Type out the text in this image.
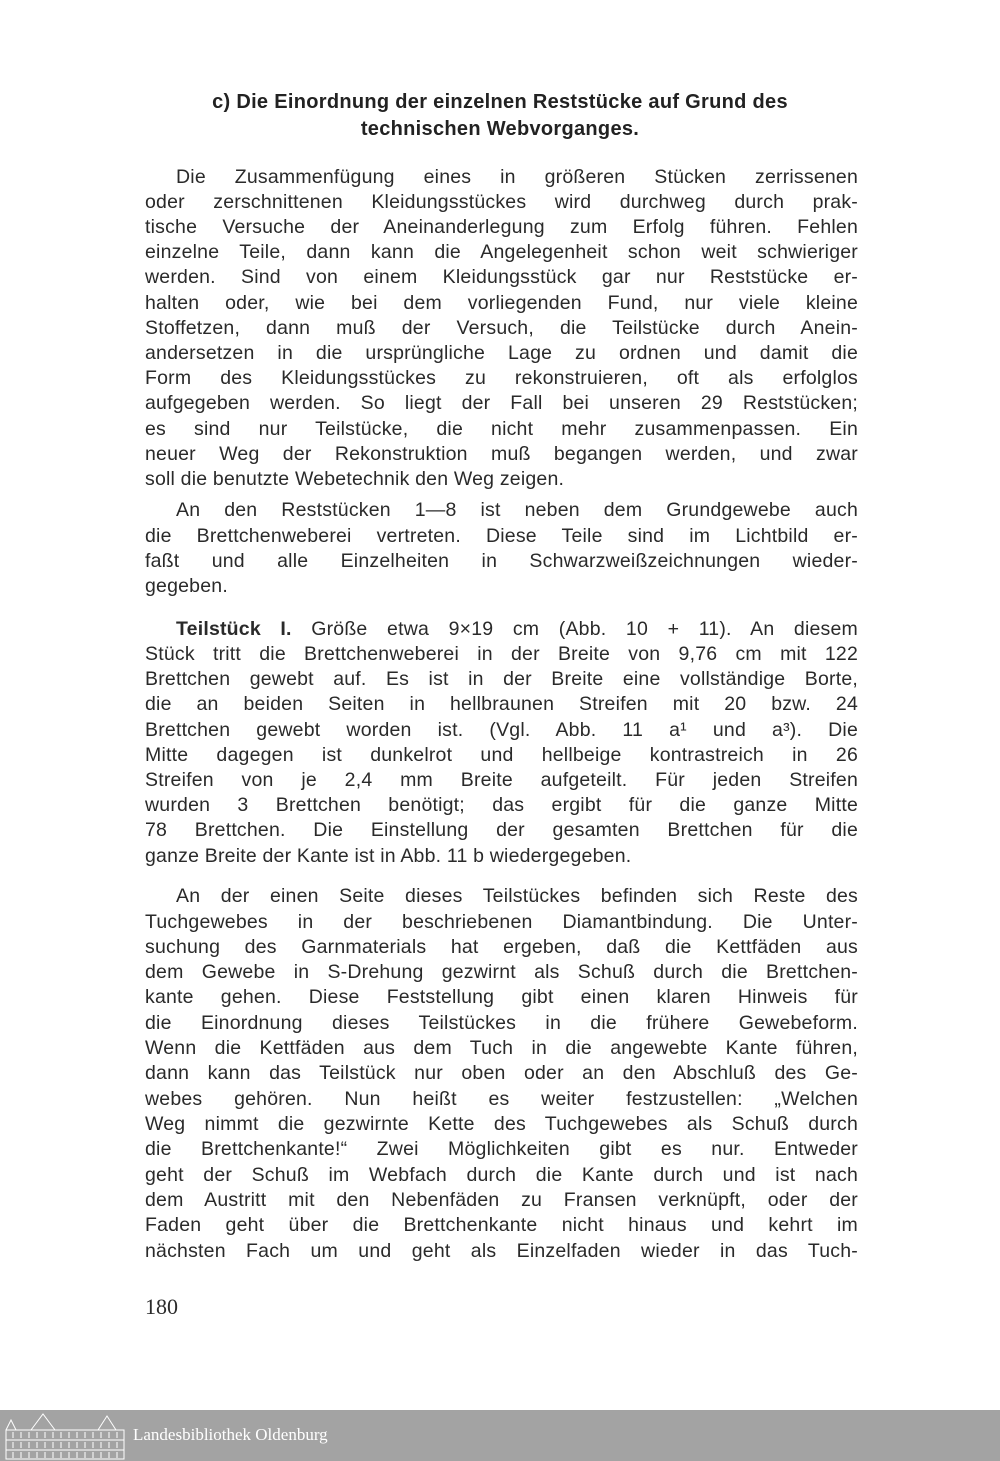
c) Die Einordnung der einzelnen Reststücke auf Grund des
technischen Webvorganges.
Die Zusammenfügung eines in größeren Stücken zerrissenen
oder zerschnittenen Kleidungsstückes wird durchweg durch prak-
tische Versuche der Aneinanderlegung zum Erfolg führen. Fehlen
einzelne Teile, dann kann die Angelegenheit schon weit schwieriger
werden. Sind von einem Kleidungsstück gar nur Reststücke er-
halten oder, wie bei dem vorliegenden Fund, nur viele kleine
Stoffetzen, dann muß der Versuch, die Teilstücke durch Anein-
andersetzen in die ursprüngliche Lage zu ordnen und damit die
Form des Kleidungsstückes zu rekonstruieren, oft als erfolglos
aufgegeben werden. So liegt der Fall bei unseren 29 Reststücken;
es sind nur Teilstücke, die nicht mehr zusammenpassen. Ein
neuer Weg der Rekonstruktion muß begangen werden, und zwar
soll die benutzte Webetechnik den Weg zeigen.
An den Reststücken 1—8 ist neben dem Grundgewebe auch
die Brettchenweberei vertreten. Diese Teile sind im Lichtbild er-
faßt und alle Einzelheiten in Schwarzweißzeichnungen wieder-
gegeben.
Teilstück I. Größe etwa 9×19 cm (Abb. 10 + 11). An diesem
Stück tritt die Brettchenweberei in der Breite von 9,76 cm mit 122
Brettchen gewebt auf. Es ist in der Breite eine vollständige Borte,
die an beiden Seiten in hellbraunen Streifen mit 20 bzw. 24
Brettchen gewebt worden ist. (Vgl. Abb. 11 a¹ und a³). Die
Mitte dagegen ist dunkelrot und hellbeige kontrastreich in 26
Streifen von je 2,4 mm Breite aufgeteilt. Für jeden Streifen
wurden 3 Brettchen benötigt; das ergibt für die ganze Mitte
78 Brettchen. Die Einstellung der gesamten Brettchen für die
ganze Breite der Kante ist in Abb. 11 b wiedergegeben.
An der einen Seite dieses Teilstückes befinden sich Reste des
Tuchgewebes in der beschriebenen Diamantbindung. Die Unter-
suchung des Garnmaterials hat ergeben, daß die Kettfäden aus
dem Gewebe in S-Drehung gezwirnt als Schuß durch die Brettchen-
kante gehen. Diese Feststellung gibt einen klaren Hinweis für
die Einordnung dieses Teilstückes in die frühere Gewebeform.
Wenn die Kettfäden aus dem Tuch in die angewebte Kante führen,
dann kann das Teilstück nur oben oder an den Abschluß des Ge-
webes gehören. Nun heißt es weiter festzustellen: „Welchen
Weg nimmt die gezwirnte Kette des Tuchgewebes als Schuß durch
die Brettchenkante!“ Zwei Möglichkeiten gibt es nur. Entweder
geht der Schuß im Webfach durch die Kante durch und ist nach
dem Austritt mit den Nebenfäden zu Fransen verknüpft, oder der
Faden geht über die Brettchenkante nicht hinaus und kehrt im
nächsten Fach um und geht als Einzelfaden wieder in das Tuch-
180
Landesbibliothek Oldenburg
